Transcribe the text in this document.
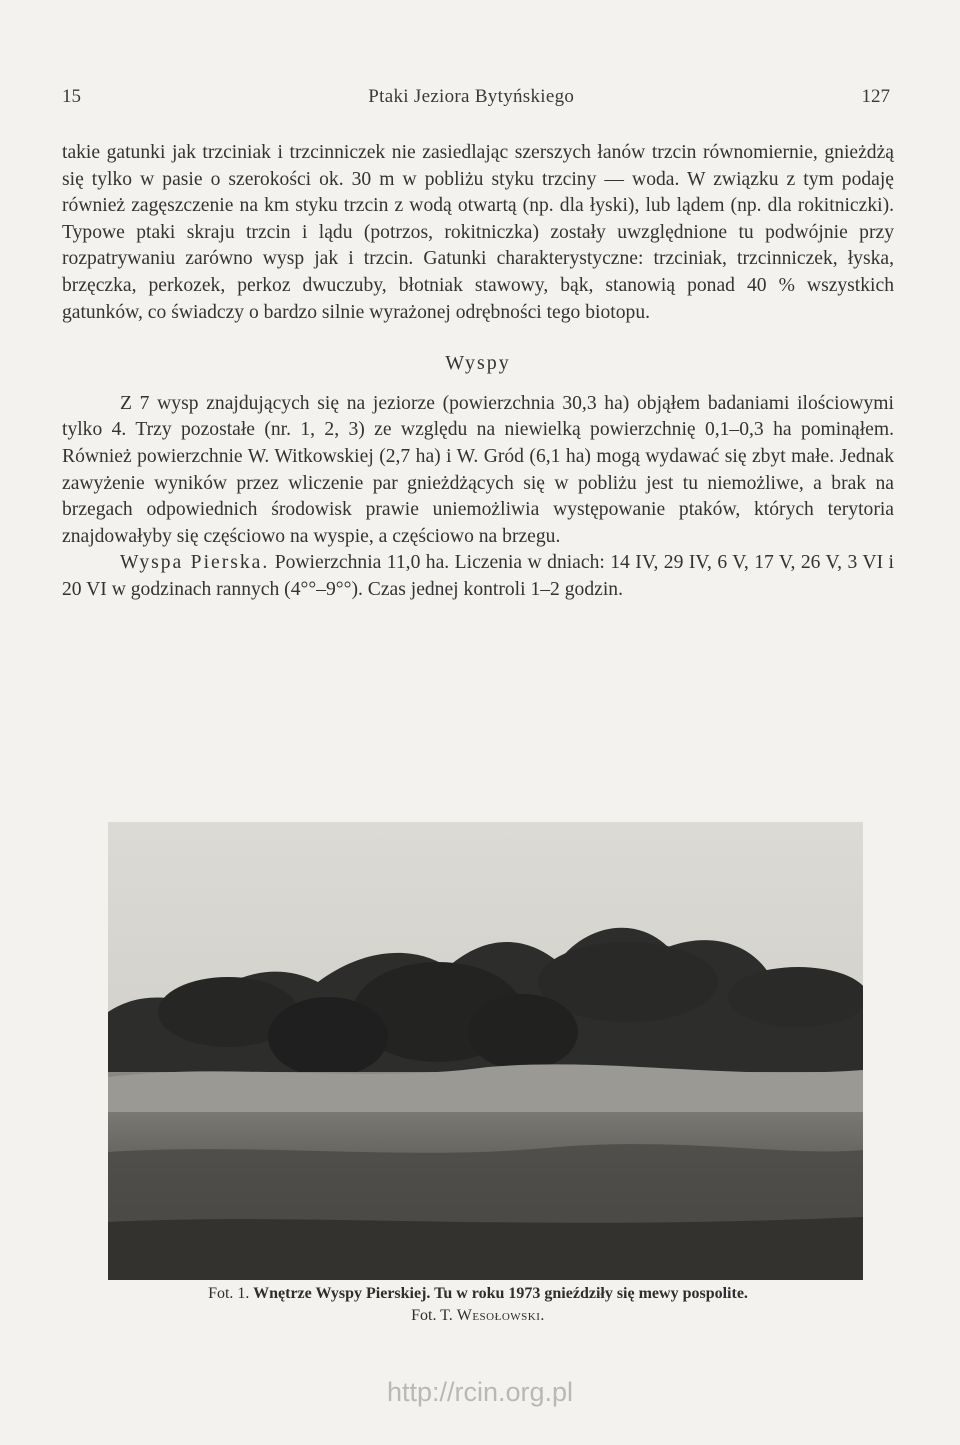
15	Ptaki Jeziora Bytyńskiego	127

takie gatunki jak trzciniak i trzcinniczek nie zasiedlając szerszych łanów trzcin równomiernie, gnieżdżą się tylko w pasie o szerokości ok. 30 m w pobliżu styku trzciny — woda. W związku z tym podaję również zagęszczenie na km styku trzcin z wodą otwartą (np. dla łyski), lub lądem (np. dla rokitniczki). Typowe ptaki skraju trzcin i lądu (potrzos, rokitniczka) zostały uwzględnione tu podwójnie przy rozpatrywaniu zarówno wysp jak i trzcin. Gatunki charakterystyczne: trzciniak, trzcinniczek, łyska, brzęczka, perkozek, perkoz dwuczuby, błotniak stawowy, bąk, stanowią ponad 40 % wszystkich gatunków, co świadczy o bardzo silnie wyrażonej odrębności tego biotopu.

Wyspy

Z 7 wysp znajdujących się na jeziorze (powierzchnia 30,3 ha) objąłem badaniami ilościowymi tylko 4. Trzy pozostałe (nr. 1, 2, 3) ze względu na niewielką powierzchnię 0,1–0,3 ha pominąłem. Również powierzchnie W. Witkowskiej (2,7 ha) i W. Gród (6,1 ha) mogą wydawać się zbyt małe. Jednak zawyżenie wyników przez wliczenie par gnieżdżących się w pobliżu jest tu niemożliwe, a brak na brzegach odpowiednich środowisk prawie uniemożliwia występowanie ptaków, których terytoria znajdowałyby się częściowo na wyspie, a częściowo na brzegu.

Wyspa Pierska. Powierzchnia 11,0 ha. Liczenia w dniach: 14 IV, 29 IV, 6 V, 17 V, 26 V, 3 VI i 20 VI w godzinach rannych (4°°–9°°). Czas jednej kontroli 1–2 godzin.

Fot. 1. Wnętrze Wyspy Pierskiej. Tu w roku 1973 gnieździły się mewy pospolite.
Fot. T. Wesołowski.
http://rcin.org.pl
